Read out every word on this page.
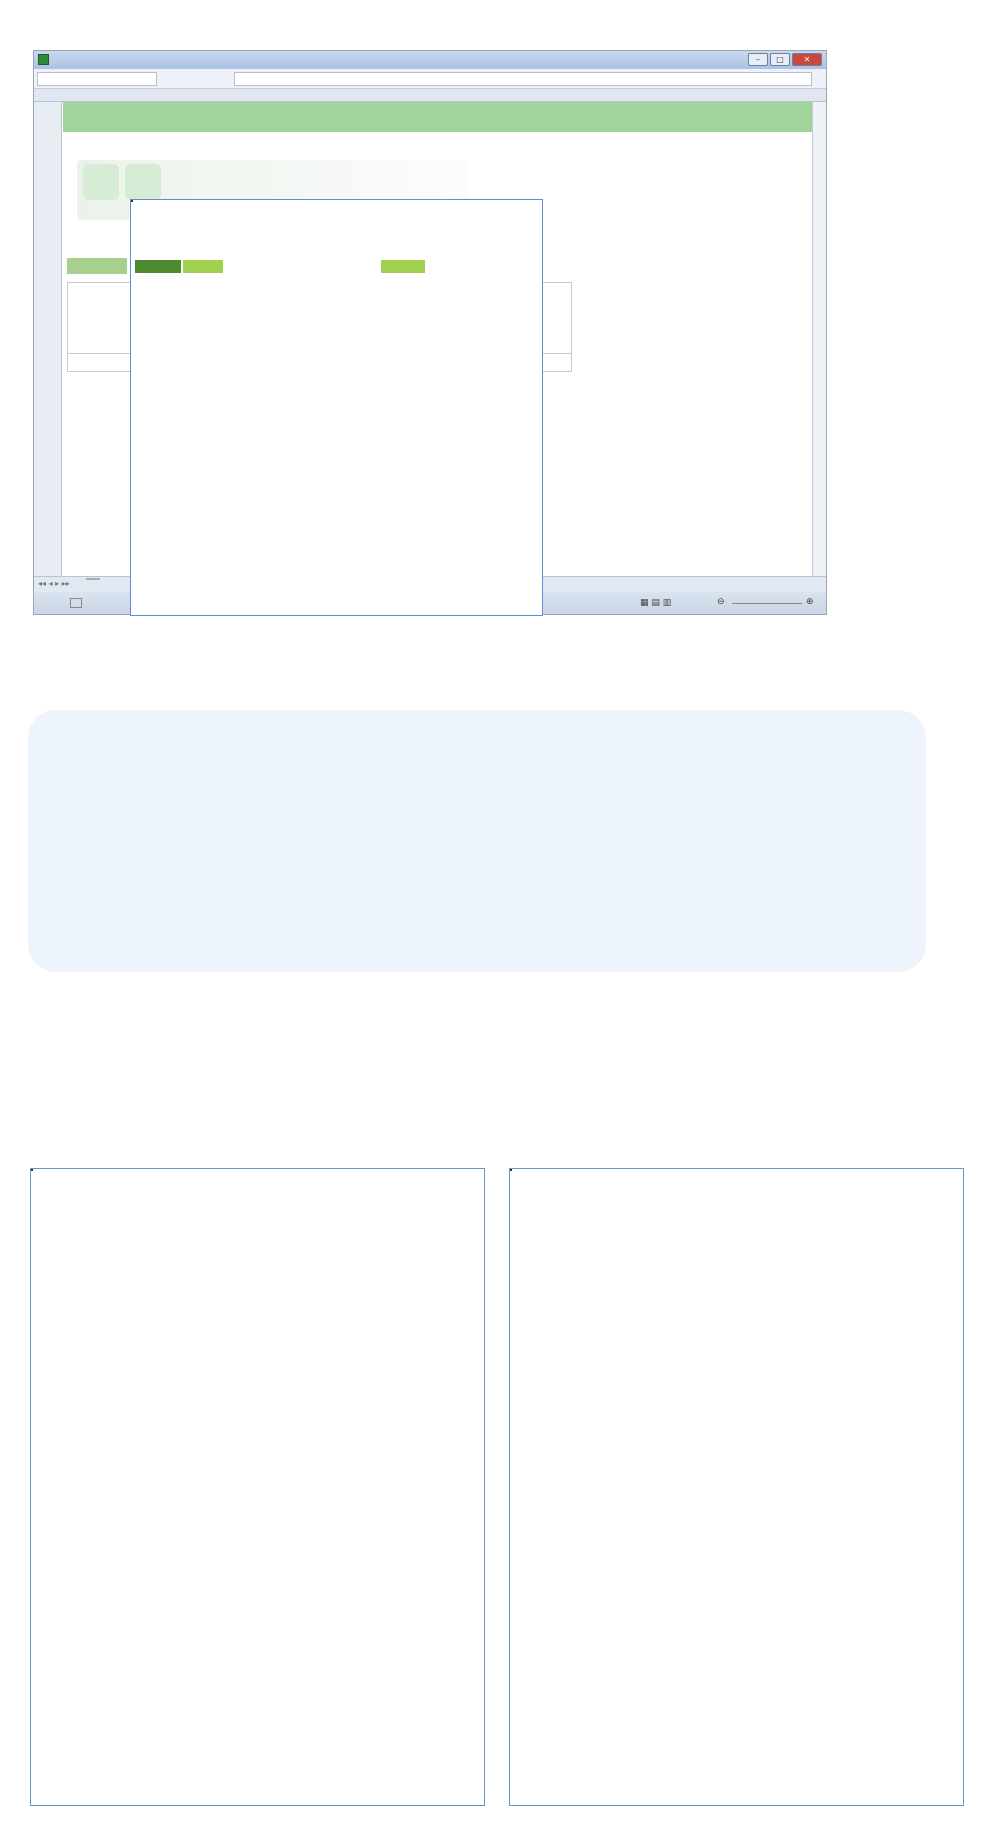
–	□	✕
◂◂ ◂ ▸ ▸▸
▦ ▤ ▥	⊖	⊕
